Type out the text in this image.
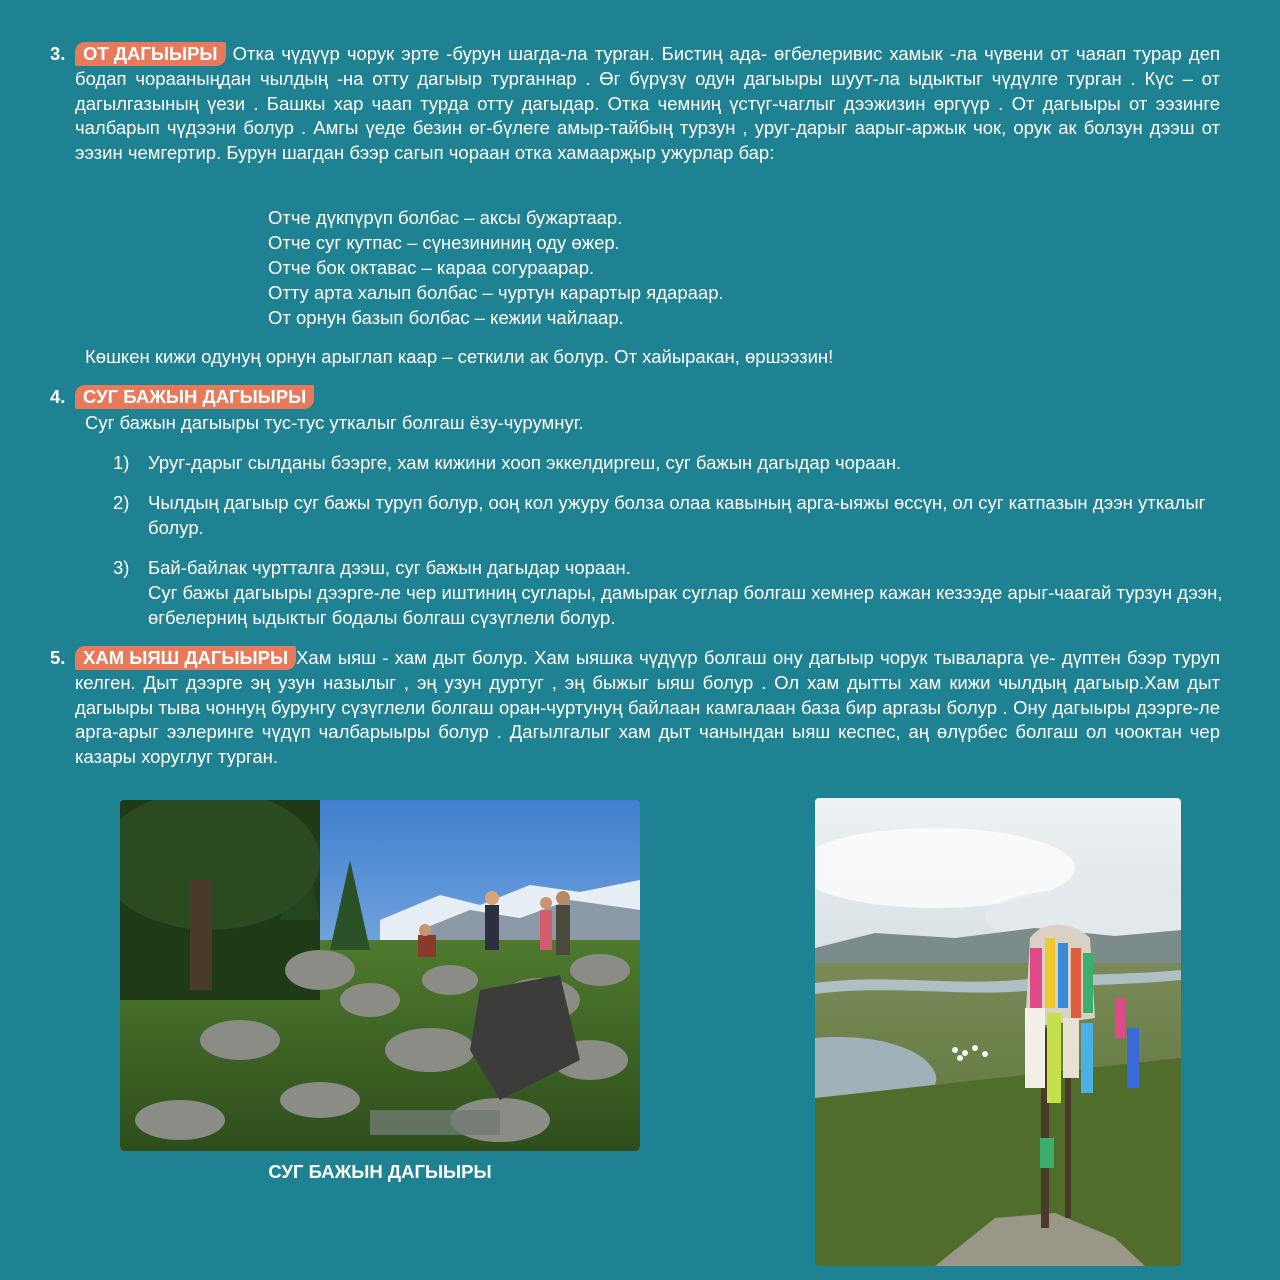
3. ОТ ДАГЫЫРЫ Отка чүдүүр чорук эрте -бурун шагда-ла турган. Бистиң ада- өгбелеривис хамык -ла чүвени от чаяап турар деп бодап чорааныңдан чылдың -на отту дагыыр турганнар . Өг бүрүзү одун дагыыры шуут-ла ыдыктыг чүдүлге турган . Күс – от дагылгазының үези . Башкы хар чаап турда отту дагыдар. Отка чемниң үстүг-чаглыг дээжизин өргүүр . От дагыыры от ээзинге чалбарып чүдээни болур . Амгы үеде безин өг-бүлеге амыр-тайбың турзун , уруг-дарыг аарыг-аржык чок, орук ак болзун дээш от ээзин чемгертир. Бурун шагдан бээр сагып чораан отка хамаарҗыр ужурлар бар:

Отче дүкпүрүп болбас – аксы бужартаар.
Отче суг кутпас – сүнезининиң оду өжер.
Отче бок октавас – караа согураарар.
Отту арта халып болбас – чуртун карартыр ядарaар.
От орнун базып болбас – кежии чайлаар.
Көшкен кижи одунуң орнун арыглап каар – сеткили ак болур. От хайыракан, өршээзин!
4. СУГ БАЖЫН ДАГЫЫРЫ
Суг бажын дагыыры тус-тус уткалыг болгаш ёзу-чурумнуг.
1) Уруг-дарыг сылданы бээрге, хам кижини хооп эккелдиргеш, суг бажын дагыдар чораан.
2) Чылдың дагыыр суг бажы туруп болур, ооң кол ужуру болза олаа кавының арга-ыяжы өссүн, ол суг катпазын дээн уткалыг болур.
3) Бай-байлак чуртталга дээш, суг бажын дагыдар чораан.
Суг бажы дагыыры дээрге-ле чер иштиниң суглары, дамырак суглар болгаш хемнер кажан кезээде арыг-чаагай турзун дээн, өгбелерниң ыдыктыг бодалы болгаш сүзүглели болур.
5. ХАМ ЫЯШ ДАГЫЫРЫ Хам ыяш - хам дыт болур. Хам ыяшка чүдүүр болгаш ону дагыыр чорук тываларга үе- дүптен бээр туруп келген. Дыт дээрге эң узун назылыг , эң узун дуртуг , эң быжыг ыяш болур . Ол хам дытты хам кижи чылдың дагыыр.Хам дыт дагыыры тыва чоннуң бурунгу сүзүглели болгаш оран-чуртунуң байлаан камгалаан база бир аргазы болур . Ону дагыыры дээрге-ле арга-арыг ээлеринге чүдүп чалбарыыры болур . Дагылгалыг хам дыт чанындан ыяш кеспес, аң өлүрбес болгаш ол чооктан чер казары хоруглуг турган.

СУГ БАЖЫН ДАГЫЫРЫ
